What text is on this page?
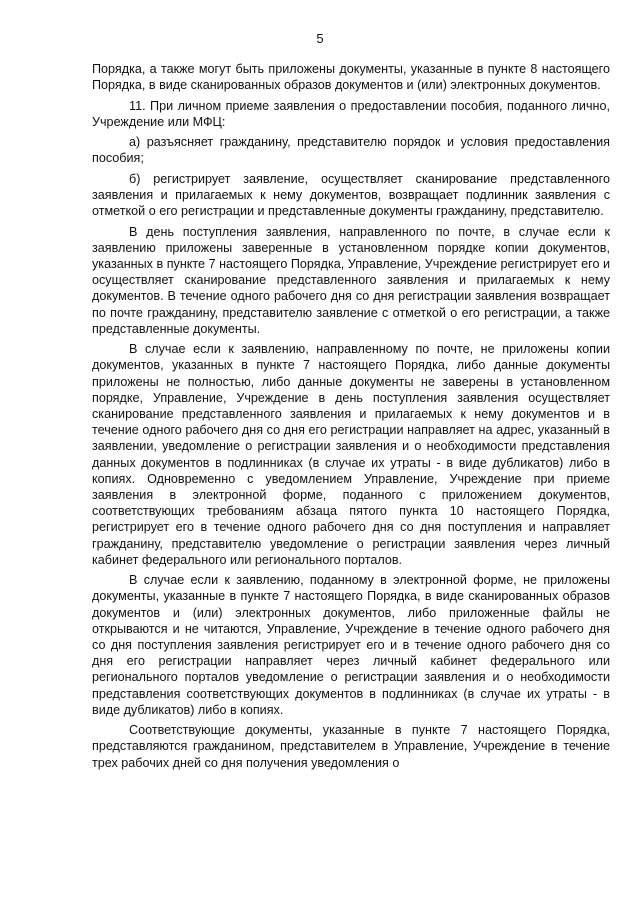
5

Порядка, а также могут быть приложены документы, указанные в пункте 8 настоящего Порядка, в виде сканированных образов документов и (или) электронных документов.

11. При личном приеме заявления о предоставлении пособия, поданного лично, Учреждение или МФЦ:

а) разъясняет гражданину, представителю порядок и условия предоставления пособия;

б) регистрирует заявление, осуществляет сканирование представленного заявления и прилагаемых к нему документов, возвращает подлинник заявления с отметкой о его регистрации и представленные документы гражданину, представителю.

В день поступления заявления, направленного по почте, в случае если к заявлению приложены заверенные в установленном порядке копии документов, указанных в пункте 7 настоящего Порядка, Управление, Учреждение регистрирует его и осуществляет сканирование представленного заявления и прилагаемых к нему документов. В течение одного рабочего дня со дня регистрации заявления возвращает по почте гражданину, представителю заявление с отметкой о его регистрации, а также представленные документы.

В случае если к заявлению, направленному по почте, не приложены копии документов, указанных в пункте 7 настоящего Порядка, либо данные документы приложены не полностью, либо данные документы не заверены в установленном порядке, Управление, Учреждение в день поступления заявления осуществляет сканирование представленного заявления и прилагаемых к нему документов и в течение одного рабочего дня со дня его регистрации направляет на адрес, указанный в заявлении, уведомление о регистрации заявления и о необходимости представления данных документов в подлинниках (в случае их утраты - в виде дубликатов) либо в копиях. Одновременно с уведомлением Управление, Учреждение при приеме заявления в электронной форме, поданного с приложением документов, соответствующих требованиям абзаца пятого пункта 10 настоящего Порядка, регистрирует его в течение одного рабочего дня со дня поступления и направляет гражданину, представителю уведомление о регистрации заявления через личный кабинет федерального или регионального порталов.

В случае если к заявлению, поданному в электронной форме, не приложены документы, указанные в пункте 7 настоящего Порядка, в виде сканированных образов документов и (или) электронных документов, либо приложенные файлы не открываются и не читаются, Управление, Учреждение в течение одного рабочего дня со дня поступления заявления регистрирует его и в течение одного рабочего дня со дня его регистрации направляет через личный кабинет федерального или регионального порталов уведомление о регистрации заявления и о необходимости представления соответствующих документов в подлинниках (в случае их утраты - в виде дубликатов) либо в копиях.

Соответствующие документы, указанные в пункте 7 настоящего Порядка, представляются гражданином, представителем в Управление, Учреждение в течение трех рабочих дней со дня получения уведомления о
